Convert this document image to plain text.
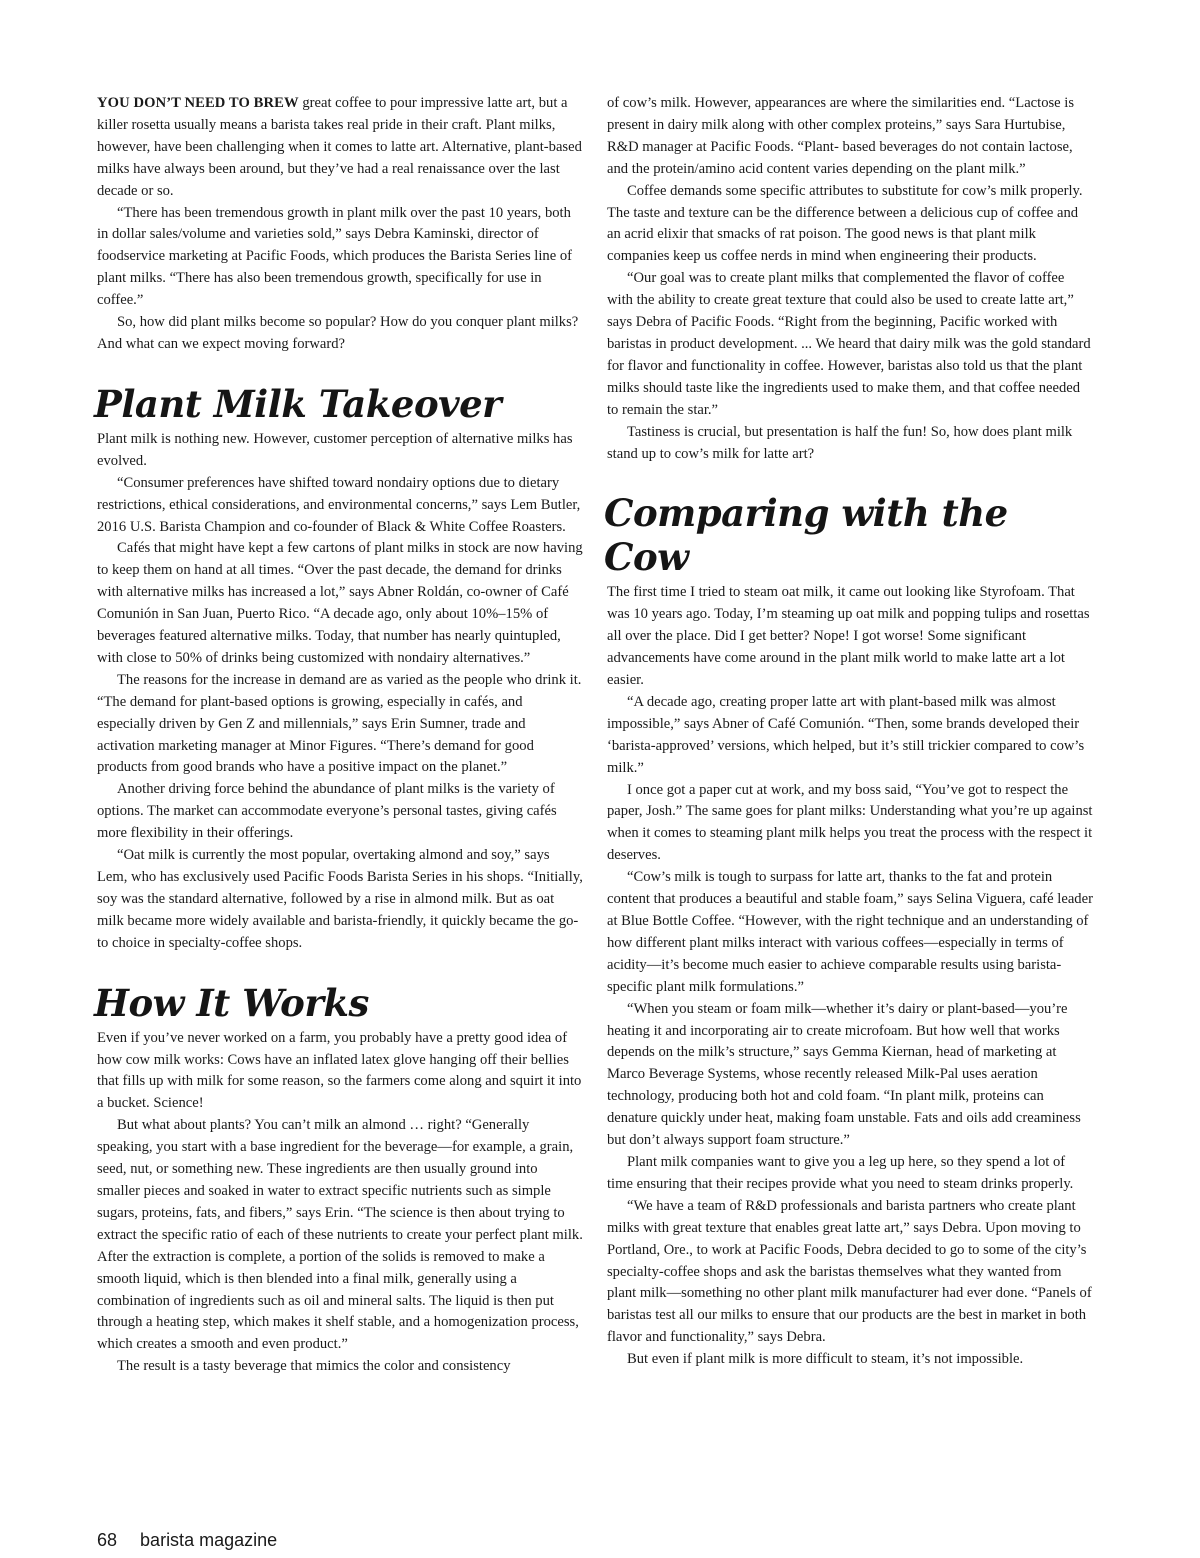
YOU DON’T NEED TO BREW great coffee to pour impressive latte art, but a killer rosetta usually means a barista takes real pride in their craft. Plant milks, however, have been challenging when it comes to latte art. Alternative, plant-based milks have always been around, but they’ve had a real renaissance over the last decade or so.

“There has been tremendous growth in plant milk over the past 10 years, both in dollar sales/volume and varieties sold,” says Debra Kaminski, director of foodservice marketing at Pacific Foods, which produces the Barista Series line of plant milks. “There has also been tremendous growth, specifically for use in coffee.”

So, how did plant milks become so popular? How do you conquer plant milks? And what can we expect moving forward?

Plant Milk Takeover

Plant milk is nothing new. However, customer perception of alternative milks has evolved.

“Consumer preferences have shifted toward nondairy options due to dietary restrictions, ethical considerations, and environmental concerns,” says Lem Butler, 2016 U.S. Barista Champion and co-founder of Black & White Coffee Roasters.

Cafés that might have kept a few cartons of plant milks in stock are now having to keep them on hand at all times. “Over the past decade, the demand for drinks with alternative milks has increased a lot,” says Abner Roldán, co-owner of Café Comunión in San Juan, Puerto Rico. “A decade ago, only about 10%–15% of beverages featured alternative milks. Today, that number has nearly quintupled, with close to 50% of drinks being customized with nondairy alternatives.”

The reasons for the increase in demand are as varied as the people who drink it. “The demand for plant-based options is growing, especially in cafés, and especially driven by Gen Z and millennials,” says Erin Sumner, trade and activation marketing manager at Minor Figures. “There’s demand for good products from good brands who have a positive impact on the planet.”

Another driving force behind the abundance of plant milks is the variety of options. The market can accommodate everyone’s personal tastes, giving cafés more flexibility in their offerings.

“Oat milk is currently the most popular, overtaking almond and soy,” says Lem, who has exclusively used Pacific Foods Barista Series in his shops. “Initially, soy was the standard alternative, followed by a rise in almond milk. But as oat milk became more widely available and barista-friendly, it quickly became the go-to choice in specialty-coffee shops.

How It Works

Even if you’ve never worked on a farm, you probably have a pretty good idea of how cow milk works: Cows have an inflated latex glove hanging off their bellies that fills up with milk for some reason, so the farmers come along and squirt it into a bucket. Science!

But what about plants? You can’t milk an almond … right? “Generally speaking, you start with a base ingredient for the beverage—for example, a grain, seed, nut, or something new. These ingredients are then usually ground into smaller pieces and soaked in water to extract specific nutrients such as simple sugars, proteins, fats, and fibers,” says Erin. “The science is then about trying to extract the specific ratio of each of these nutrients to create your perfect plant milk. After the extraction is complete, a portion of the solids is removed to make a smooth liquid, which is then blended into a final milk, generally using a combination of ingredients such as oil and mineral salts. The liquid is then put through a heating step, which makes it shelf stable, and a homogenization process, which creates a smooth and even product.”

The result is a tasty beverage that mimics the color and consistency

of cow’s milk. However, appearances are where the similarities end. “Lactose is present in dairy milk along with other complex proteins,” says Sara Hurtubise, R&D manager at Pacific Foods. “Plant- based beverages do not contain lactose, and the protein/amino acid content varies depending on the plant milk.”

Coffee demands some specific attributes to substitute for cow’s milk properly. The taste and texture can be the difference between a delicious cup of coffee and an acrid elixir that smacks of rat poison. The good news is that plant milk companies keep us coffee nerds in mind when engineering their products.

“Our goal was to create plant milks that complemented the flavor of coffee with the ability to create great texture that could also be used to create latte art,” says Debra of Pacific Foods. “Right from the beginning, Pacific worked with baristas in product development. ... We heard that dairy milk was the gold standard for flavor and functionality in coffee. However, baristas also told us that the plant milks should taste like the ingredients used to make them, and that coffee needed to remain the star.”

Tastiness is crucial, but presentation is half the fun! So, how does plant milk stand up to cow’s milk for latte art?

Comparing with the Cow

The first time I tried to steam oat milk, it came out looking like Styrofoam. That was 10 years ago. Today, I’m steaming up oat milk and popping tulips and rosettas all over the place. Did I get better? Nope! I got worse! Some significant advancements have come around in the plant milk world to make latte art a lot easier.

“A decade ago, creating proper latte art with plant-based milk was almost impossible,” says Abner of Café Comunión. “Then, some brands developed their ‘barista-approved’ versions, which helped, but it’s still trickier compared to cow’s milk.”

I once got a paper cut at work, and my boss said, “You’ve got to respect the paper, Josh.” The same goes for plant milks: Understanding what you’re up against when it comes to steaming plant milk helps you treat the process with the respect it deserves.

“Cow’s milk is tough to surpass for latte art, thanks to the fat and protein content that produces a beautiful and stable foam,” says Selina Viguera, café leader at Blue Bottle Coffee. “However, with the right technique and an understanding of how different plant milks interact with various coffees—especially in terms of acidity—it’s become much easier to achieve comparable results using barista-specific plant milk formulations.”

“When you steam or foam milk—whether it’s dairy or plant-based—you’re heating it and incorporating air to create microfoam. But how well that works depends on the milk’s structure,” says Gemma Kiernan, head of marketing at Marco Beverage Systems, whose recently released Milk-Pal uses aeration technology, producing both hot and cold foam. “In plant milk, proteins can denature quickly under heat, making foam unstable. Fats and oils add creaminess but don’t always support foam structure.”

Plant milk companies want to give you a leg up here, so they spend a lot of time ensuring that their recipes provide what you need to steam drinks properly.

“We have a team of R&D professionals and barista partners who create plant milks with great texture that enables great latte art,” says Debra. Upon moving to Portland, Ore., to work at Pacific Foods, Debra decided to go to some of the city’s specialty-coffee shops and ask the baristas themselves what they wanted from plant milk—something no other plant milk manufacturer had ever done. “Panels of baristas test all our milks to ensure that our products are the best in market in both flavor and functionality,” says Debra.

But even if plant milk is more difficult to steam, it’s not impossible.

68 barista magazine
